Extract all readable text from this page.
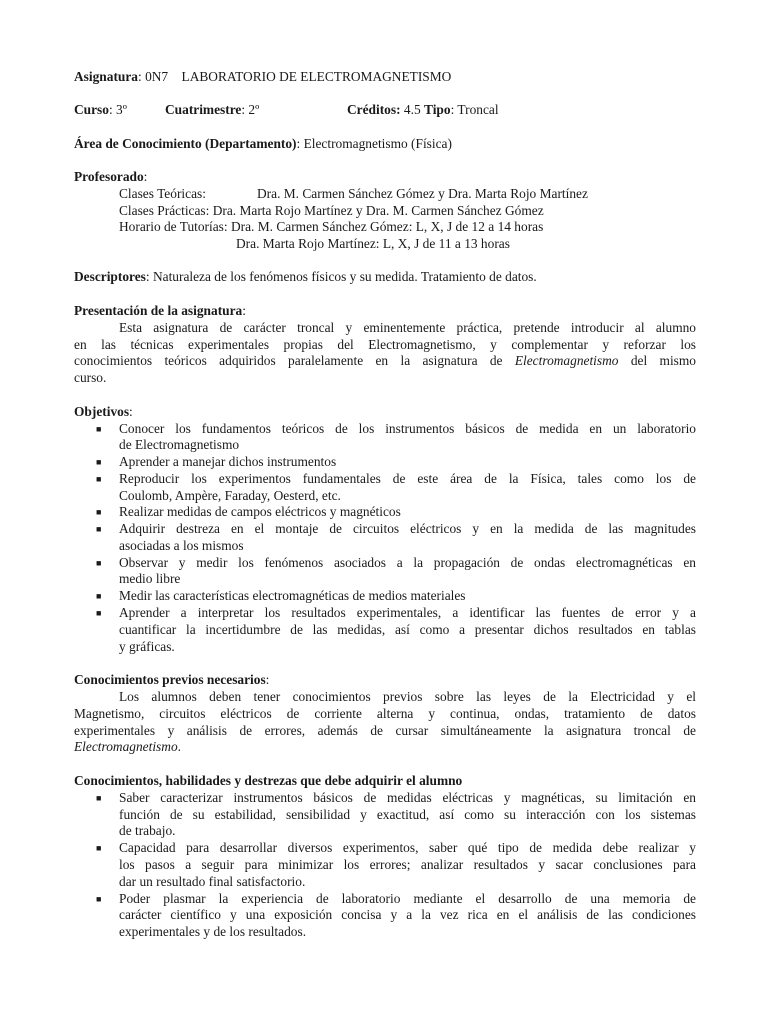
Asignatura: 0N7    LABORATORIO DE ELECTROMAGNETISMO
Curso: 3º	Cuatrimestre: 2º	Créditos: 4.5 Tipo: Troncal
Área de Conocimiento (Departamento): Electromagnetismo (Física)
Profesorado:
Clases Teóricas:	Dra. M. Carmen Sánchez Gómez y Dra. Marta Rojo Martínez
Clases Prácticas: Dra. Marta Rojo Martínez y Dra. M. Carmen Sánchez Gómez
Horario de Tutorías: Dra. M. Carmen Sánchez Gómez: L, X, J de 12 a 14 horas
Dra. Marta Rojo Martínez: L, X, J de 11 a 13 horas
Descriptores: Naturaleza de los fenómenos físicos y su medida. Tratamiento de datos.
Presentación de la asignatura:
Esta asignatura de carácter troncal y eminentemente práctica, pretende introducir al alumno
en las técnicas experimentales propias del Electromagnetismo, y complementar y reforzar los
conocimientos teóricos adquiridos paralelamente en la asignatura de Electromagnetismo del mismo
curso.
Objetivos:
■ Conocer los fundamentos teóricos de los instrumentos básicos de medida en un laboratorio
de Electromagnetismo
■ Aprender a manejar dichos instrumentos
■ Reproducir los experimentos fundamentales de este área de la Física, tales como los de
Coulomb, Ampère, Faraday, Oesterd, etc.
■ Realizar medidas de campos eléctricos y magnéticos
■ Adquirir destreza en el montaje de circuitos eléctricos y en la medida de las magnitudes
asociadas a los mismos
■ Observar y medir los fenómenos asociados a la propagación de ondas electromagnéticas en
medio libre
■ Medir las características electromagnéticas de medios materiales
■ Aprender a interpretar los resultados experimentales, a identificar las fuentes de error y a
cuantificar la incertidumbre de las medidas, así como a presentar dichos resultados en tablas
y gráficas.
Conocimientos previos necesarios:
Los alumnos deben tener conocimientos previos sobre las leyes de la Electricidad y el
Magnetismo, circuitos eléctricos de corriente alterna y continua, ondas, tratamiento de datos
experimentales y análisis de errores, además de cursar simultáneamente la asignatura troncal de
Electromagnetismo.
Conocimientos, habilidades y destrezas que debe adquirir el alumno
■ Saber caracterizar instrumentos básicos de medidas eléctricas y magnéticas, su limitación en
función de su estabilidad, sensibilidad y exactitud, así como su interacción con los sistemas
de trabajo.
■ Capacidad para desarrollar diversos experimentos, saber qué tipo de medida debe realizar y
los pasos a seguir para minimizar los errores; analizar resultados y sacar conclusiones para
dar un resultado final satisfactorio.
■ Poder plasmar la experiencia de laboratorio mediante el desarrollo de una memoria de
carácter científico y una exposición concisa y a la vez rica en el análisis de las condiciones
experimentales y de los resultados.
